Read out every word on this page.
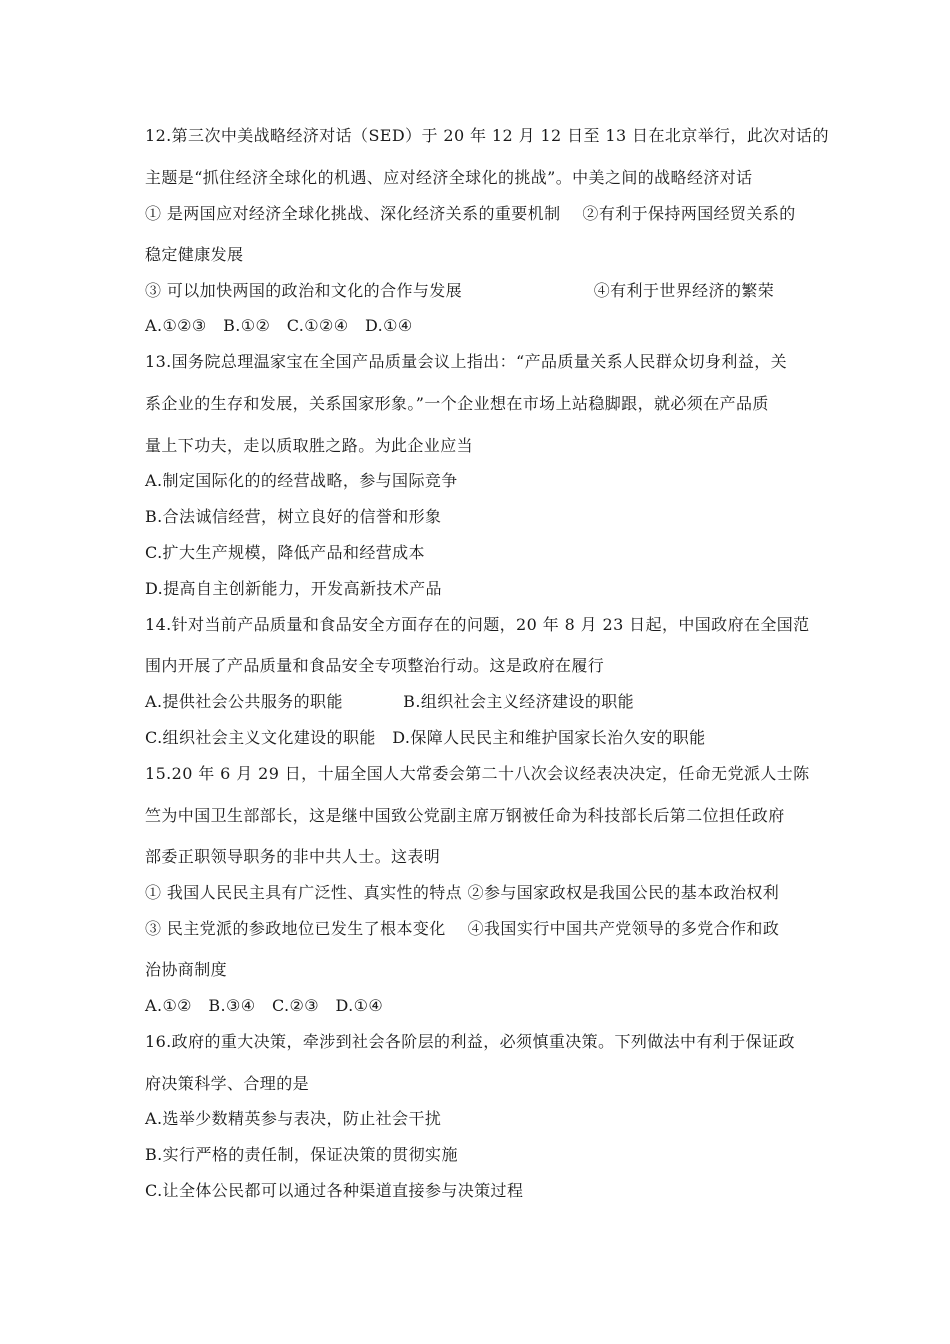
12.第三次中美战略经济对话（SED）于 20 年 12 月 12 日至 13 日在北京举行，此次对话的
主题是“抓住经济全球化的机遇、应对经济全球化的挑战”。中美之间的战略经济对话
① 是两国应对经济全球化挑战、深化经济关系的重要机制    ②有利于保持两国经贸关系的
稳定健康发展
③ 可以加快两国的政治和文化的合作与发展                        ④有利于世界经济的繁荣
A.①②③   B.①②   C.①②④   D.①④
13.国务院总理温家宝在全国产品质量会议上指出：“产品质量关系人民群众切身利益，关
系企业的生存和发展，关系国家形象。”一个企业想在市场上站稳脚跟，就必须在产品质
量上下功夫，走以质取胜之路。为此企业应当
A.制定国际化的的经营战略，参与国际竞争
B.合法诚信经营，树立良好的信誉和形象
C.扩大生产规模，降低产品和经营成本
D.提高自主创新能力，开发高新技术产品
14.针对当前产品质量和食品安全方面存在的问题，20 年 8 月 23 日起，中国政府在全国范
围内开展了产品质量和食品安全专项整治行动。这是政府在履行
A.提供社会公共服务的职能           B.组织社会主义经济建设的职能
C.组织社会主义文化建设的职能   D.保障人民民主和维护国家长治久安的职能
15.20 年 6 月 29 日，十届全国人大常委会第二十八次会议经表决决定，任命无党派人士陈
竺为中国卫生部部长，这是继中国致公党副主席万钢被任命为科技部长后第二位担任政府
部委正职领导职务的非中共人士。这表明
① 我国人民民主具有广泛性、真实性的特点 ②参与国家政权是我国公民的基本政治权利
③ 民主党派的参政地位已发生了根本变化    ④我国实行中国共产党领导的多党合作和政
治协商制度
A.①②   B.③④   C.②③   D.①④
16.政府的重大决策，牵涉到社会各阶层的利益，必须慎重决策。下列做法中有利于保证政
府决策科学、合理的是
A.选举少数精英参与表决，防止社会干扰
B.实行严格的责任制，保证决策的贯彻实施
C.让全体公民都可以通过各种渠道直接参与决策过程
